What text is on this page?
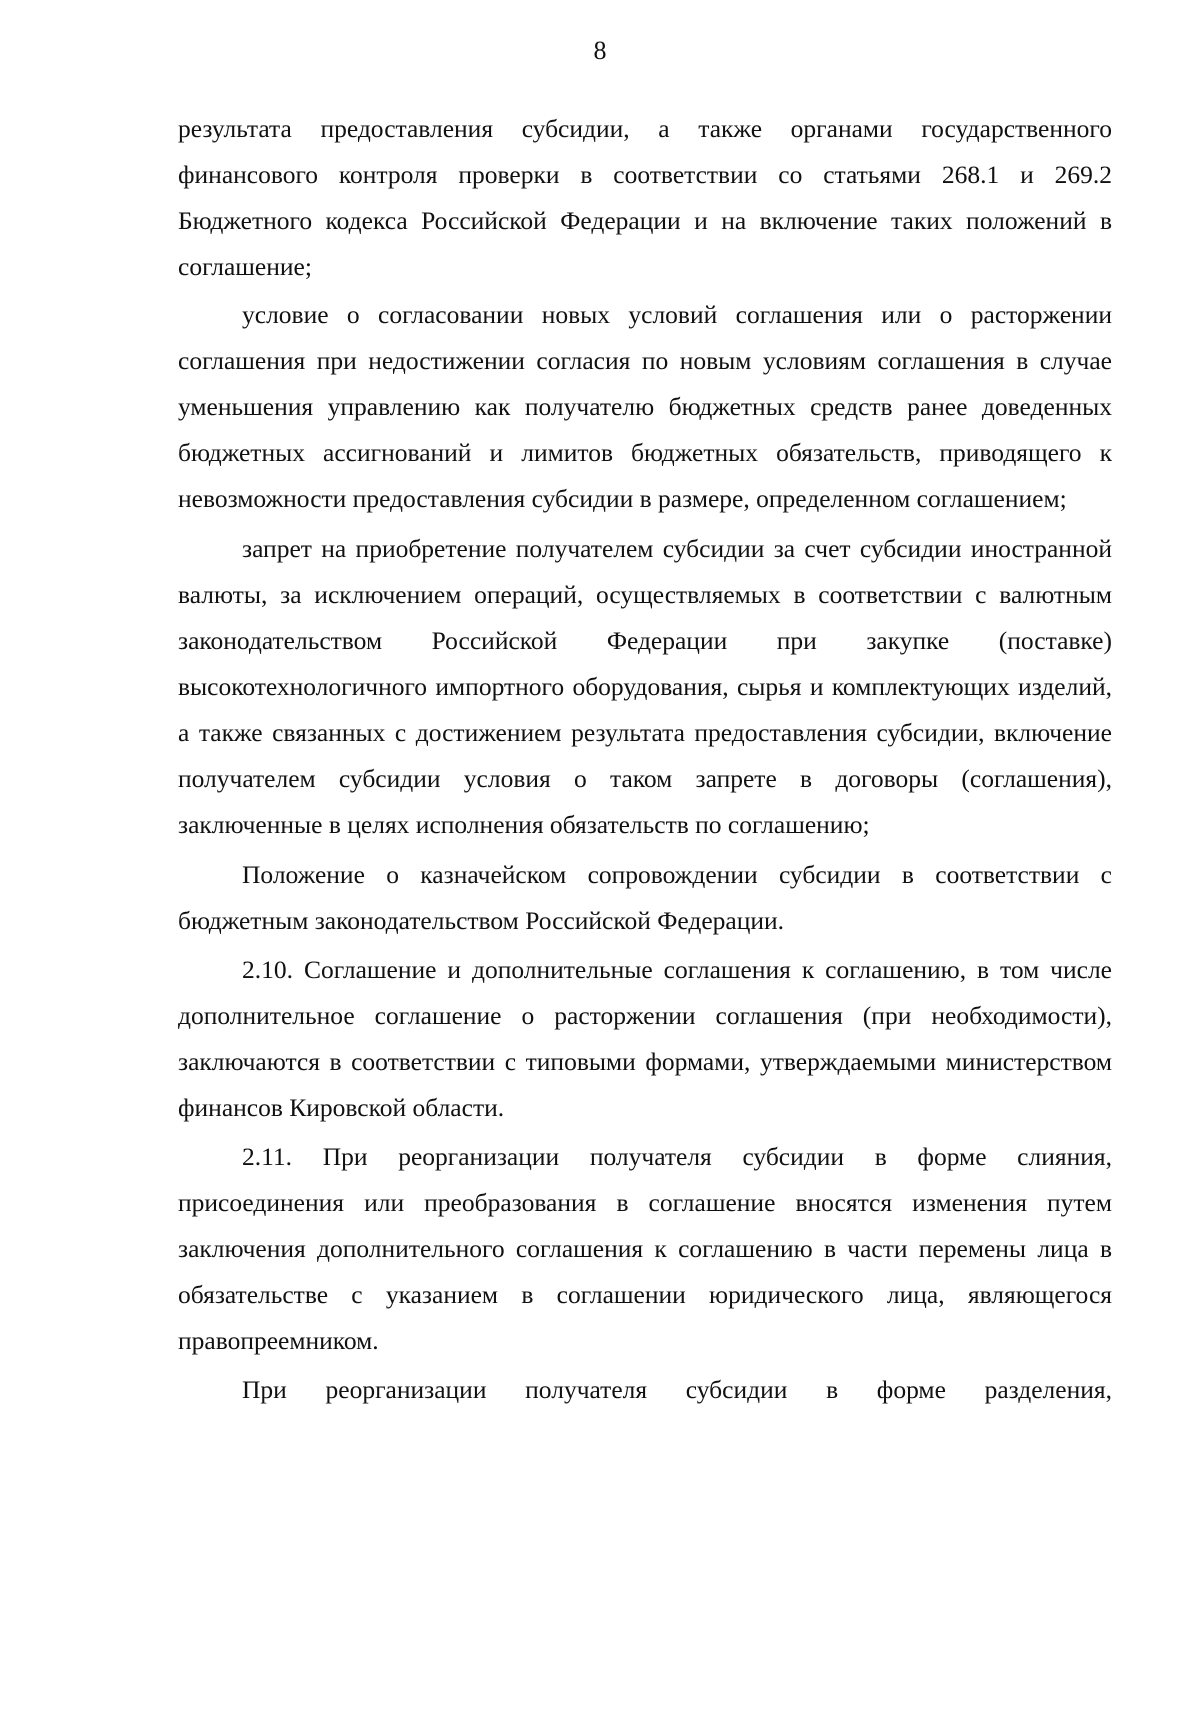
8

результата предоставления субсидии, а также органами государственного финансового контроля проверки в соответствии со статьями 268.1 и 269.2 Бюджетного кодекса Российской Федерации и на включение таких положений в соглашение;

условие о согласовании новых условий соглашения или о расторжении соглашения при недостижении согласия по новым условиям соглашения в случае уменьшения управлению как получателю бюджетных средств ранее доведенных бюджетных ассигнований и лимитов бюджетных обязательств, приводящего к невозможности предоставления субсидии в размере, определенном соглашением;

запрет на приобретение получателем субсидии за счет субсидии иностранной валюты, за исключением операций, осуществляемых в соответствии с валютным законодательством Российской Федерации при закупке (поставке) высокотехнологичного импортного оборудования, сырья и комплектующих изделий, а также связанных с достижением результата предоставления субсидии, включение получателем субсидии условия о таком запрете в договоры (соглашения), заключенные в целях исполнения обязательств по соглашению;

Положение о казначейском сопровождении субсидии в соответствии с бюджетным законодательством Российской Федерации.

2.10. Соглашение и дополнительные соглашения к соглашению, в том числе дополнительное соглашение о расторжении соглашения (при необходимости), заключаются в соответствии с типовыми формами, утверждаемыми министерством финансов Кировской области.

2.11. При реорганизации получателя субсидии в форме слияния, присоединения или преобразования в соглашение вносятся изменения путем заключения дополнительного соглашения к соглашению в части перемены лица в обязательстве с указанием в соглашении юридического лица, являющегося правопреемником.

При реорганизации получателя субсидии в форме разделения,
